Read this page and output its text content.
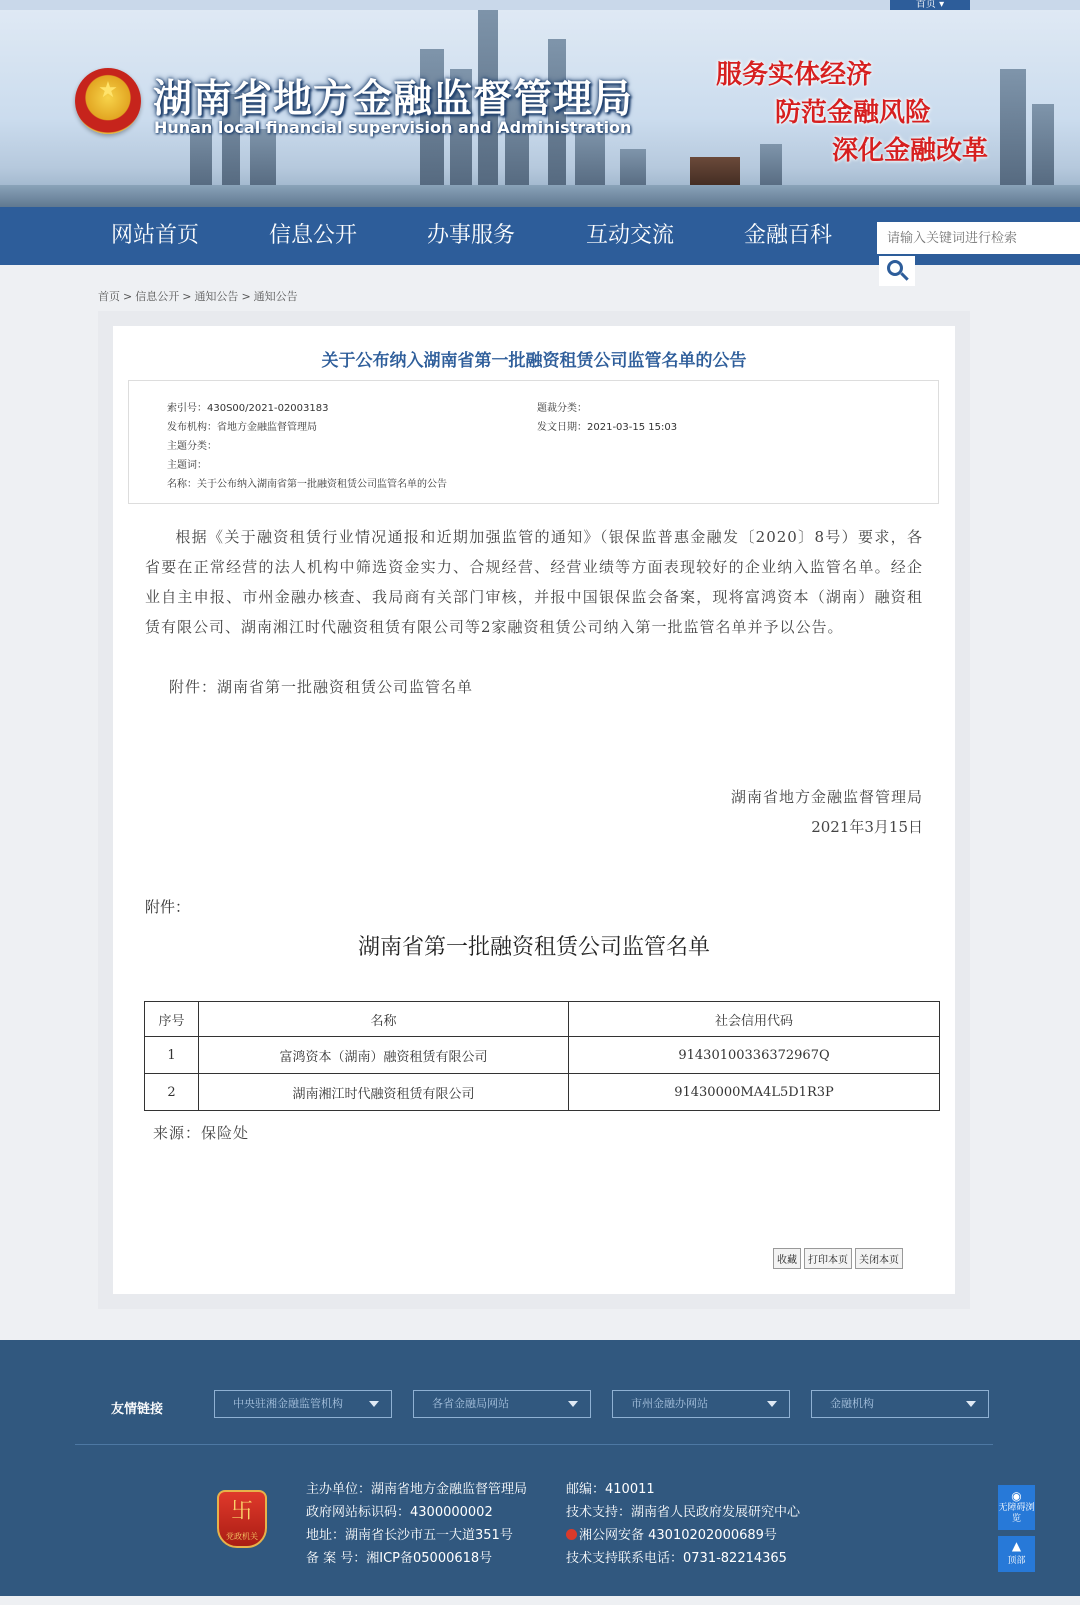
首页 ▾
★ 湖南省地方金融监督管理局
Hunan local financial supervision and Administration
服务实体经济
防范金融风险
深化金融改革
网站首页	信息公开	办事服务	互动交流	金融百科
请输入关键词进行检索
首页 > 信息公开 > 通知公告 > 通知公告
关于公布纳入湖南省第一批融资租赁公司监管名单的公告
索引号：430S00/2021-02003183	题裁分类：
发布机构：省地方金融监督管理局	发文日期：2021-03-15 15:03
主题分类：
主题词：
名称：关于公布纳入湖南省第一批融资租赁公司监管名单的公告
根据《关于融资租赁行业情况通报和近期加强监管的通知》（银保监普惠金融发〔2020〕8号）要求，各省要在正常经营的法人机构中筛选资金实力、合规经营、经营业绩等方面表现较好的企业纳入监管名单。经企业自主申报、市州金融办核查、我局商有关部门审核，并报中国银保监会备案，现将富鸿资本（湖南）融资租赁有限公司、湖南湘江时代融资租赁有限公司等2家融资租赁公司纳入第一批监管名单并予以公告。
附件：湖南省第一批融资租赁公司监管名单
湖南省地方金融监督管理局
2021年3月15日
附件：
湖南省第一批融资租赁公司监管名单
序号	名称	社会信用代码
1	富鸿资本（湖南）融资租赁有限公司	91430100336372967Q
2	湖南湘江时代融资租赁有限公司	91430000MA4L5D1R3P
来源：保险处
收藏 打印本页 关闭本页
友情链接	中央驻湘金融监管机构	各省金融局网站	市州金融办网站	金融机构
卐
党政机关
主办单位：湖南省地方金融监督管理局
政府网站标识码：4300000002
地址：湖南省长沙市五一大道351号
备 案 号：湘ICP备05000618号
邮编：410011
技术支持：湖南省人民政府发展研究中心
湘公网安备 43010202000689号
技术支持联系电话：0731-82214365
◉
无障碍浏览
▲
顶部
